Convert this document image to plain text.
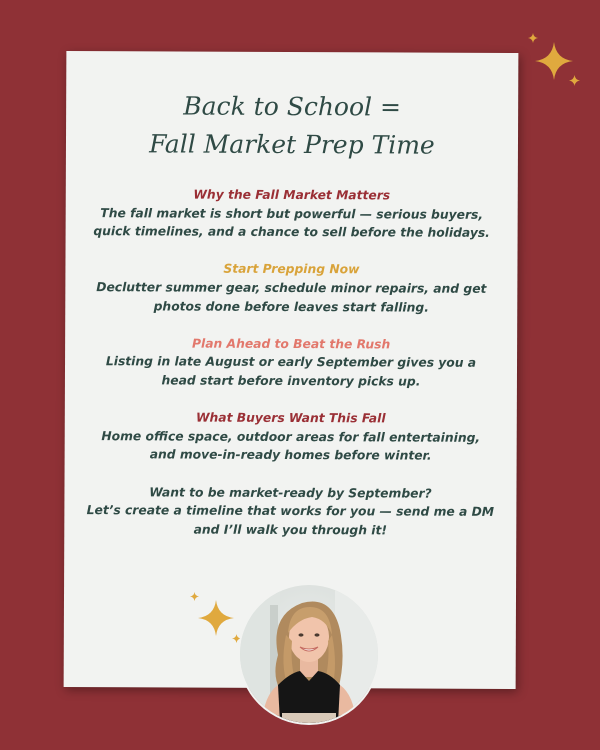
Back to School =
Fall Market Prep Time
Why the Fall Market Matters
The fall market is short but powerful — serious buyers, quick timelines, and a chance to sell before the holidays.
Start Prepping Now
Declutter summer gear, schedule minor repairs, and get photos done before leaves start falling.
Plan Ahead to Beat the Rush
Listing in late August or early September gives you a head start before inventory picks up.
What Buyers Want This Fall
Home office space, outdoor areas for fall entertaining, and move-in-ready homes before winter.
Want to be market-ready by September?
Let’s create a timeline that works for you — send me a DM and I’ll walk you through it!
